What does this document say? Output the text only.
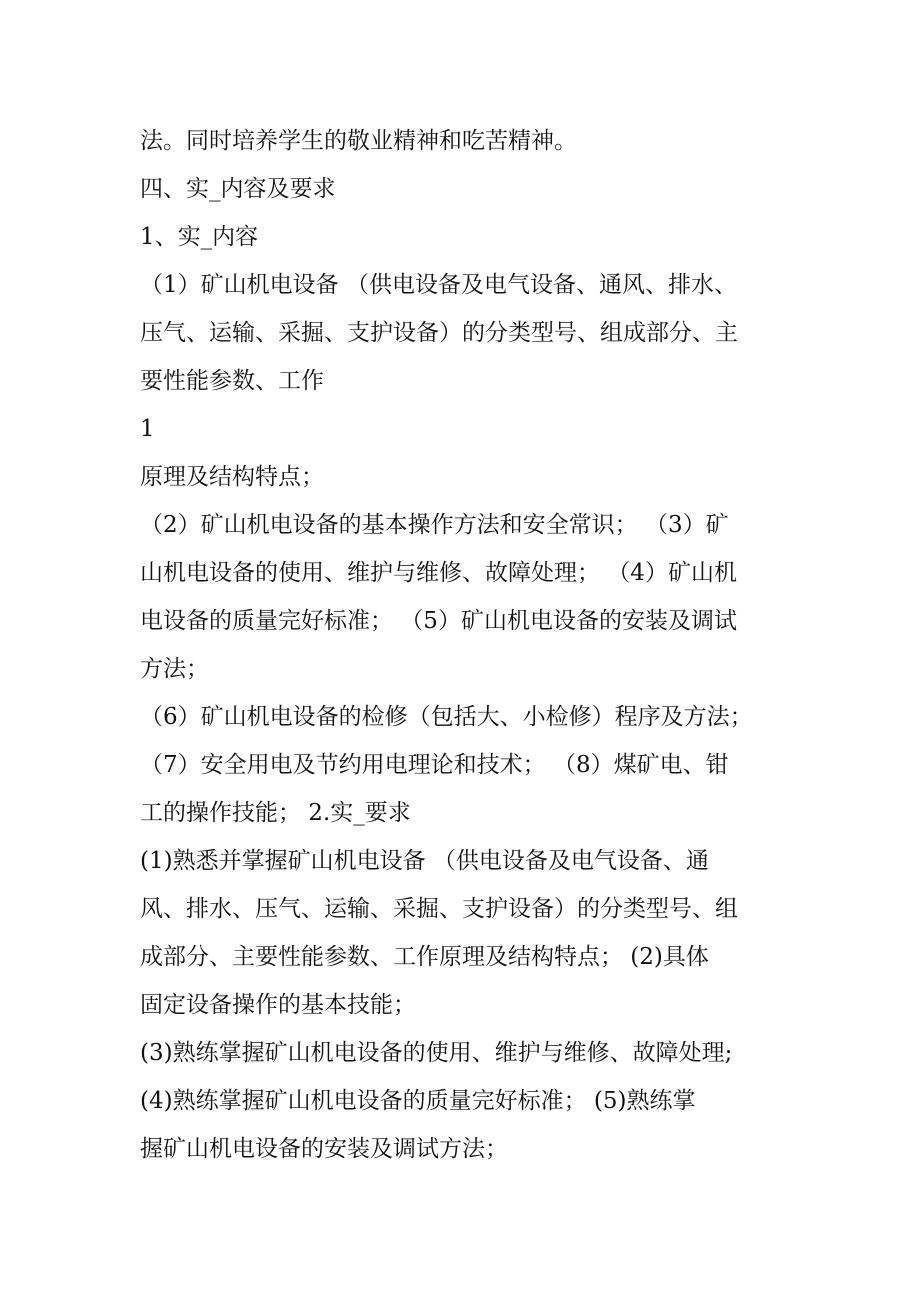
法。同时培养学生的敬业精神和吃苦精神。
四、实_内容及要求
1、实_内容
（1）矿山机电设备 （供电设备及电气设备、通风、排水、
压气、运输、采掘、支护设备）的分类型号、组成部分、主
要性能参数、工作
1
原理及结构特点；
（2）矿山机电设备的基本操作方法和安全常识； （3）矿
山机电设备的使用、维护与维修、故障处理； （4）矿山机
电设备的质量完好标准； （5）矿山机电设备的安装及调试
方法；
（6）矿山机电设备的检修（包括大、小检修）程序及方法；
（7）安全用电及节约用电理论和技术； （8）煤矿电、钳
工的操作技能； 2.实_要求
(1)熟悉并掌握矿山机电设备 （供电设备及电气设备、通
风、排水、压气、运输、采掘、支护设备）的分类型号、组
成部分、主要性能参数、工作原理及结构特点； (2)具体
固定设备操作的基本技能；
(3)熟练掌握矿山机电设备的使用、维护与维修、故障处理;
(4)熟练掌握矿山机电设备的质量完好标准； (5)熟练掌
握矿山机电设备的安装及调试方法；
